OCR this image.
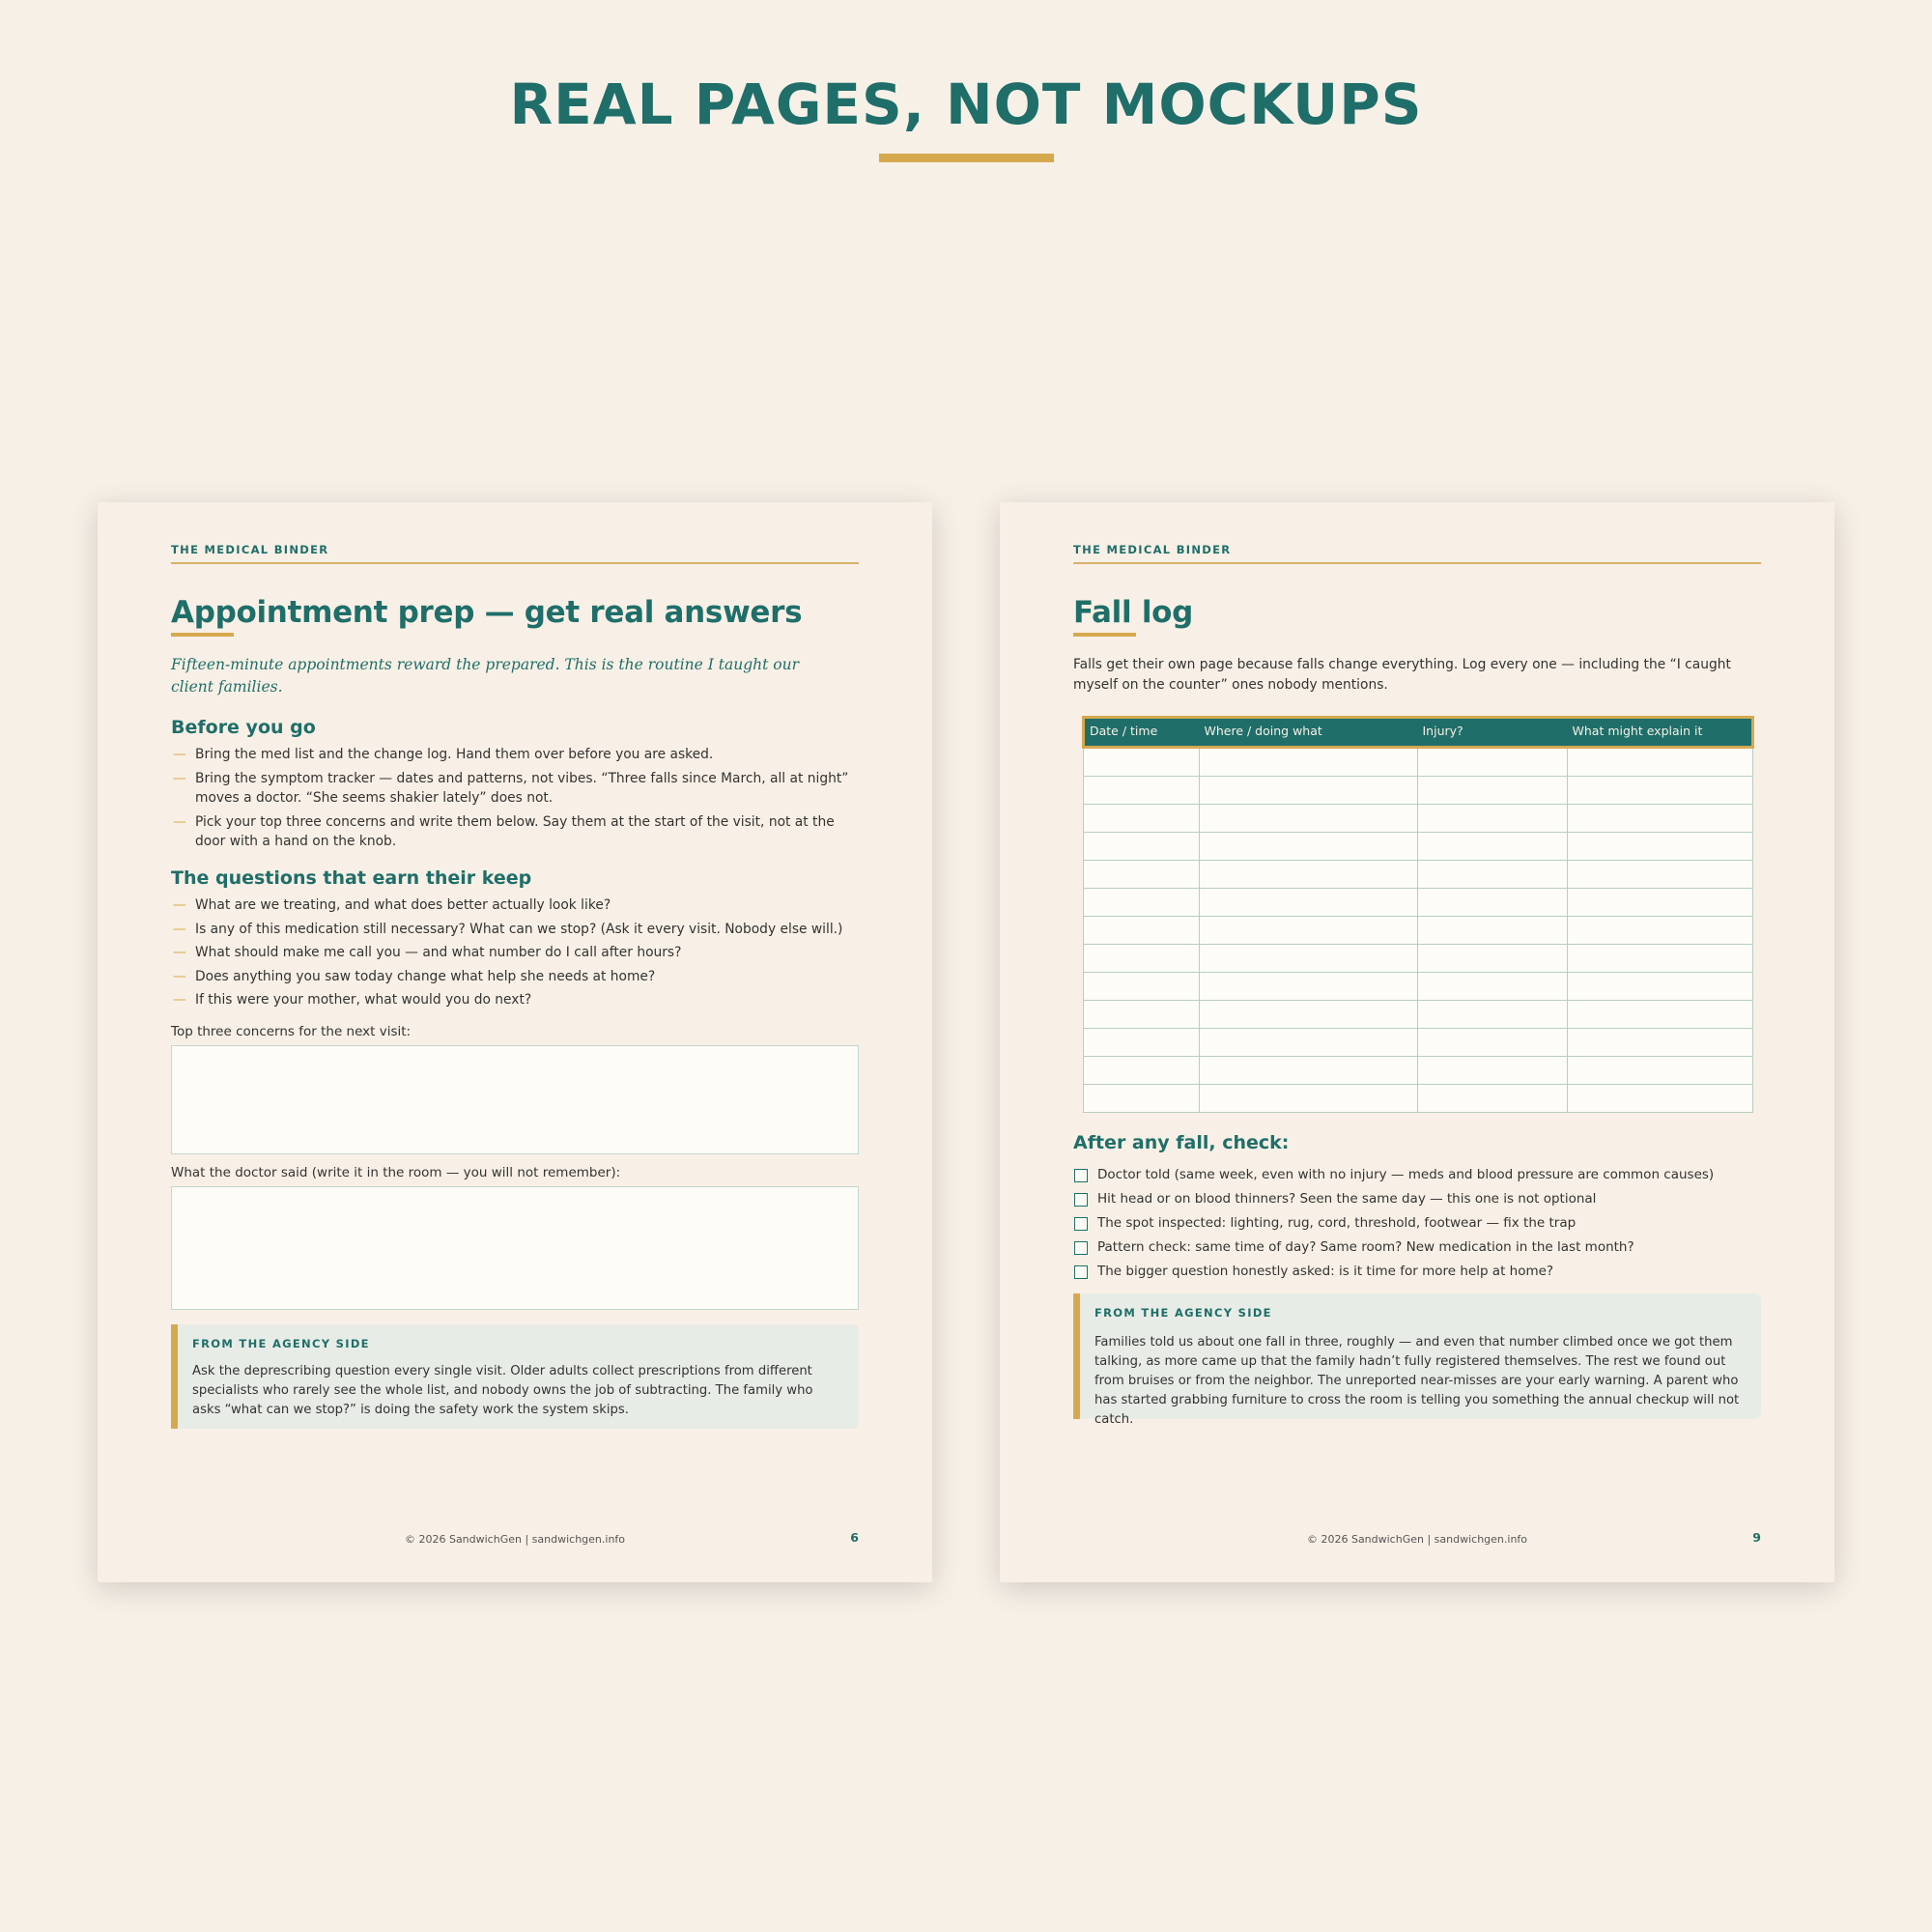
REAL PAGES, NOT MOCKUPS
THE MEDICAL BINDER
Appointment prep — get real answers
Fifteen-minute appointments reward the prepared. This is the routine I taught our client families.
Before you go
— Bring the med list and the change log. Hand them over before you are asked.
— Bring the symptom tracker — dates and patterns, not vibes. “Three falls since March, all at night” moves a doctor. “She seems shakier lately” does not.
— Pick your top three concerns and write them below. Say them at the start of the visit, not at the door with a hand on the knob.
The questions that earn their keep
— What are we treating, and what does better actually look like?
— Is any of this medication still necessary? What can we stop? (Ask it every visit. Nobody else will.)
— What should make me call you — and what number do I call after hours?
— Does anything you saw today change what help she needs at home?
— If this were your mother, what would you do next?
Top three concerns for the next visit:
What the doctor said (write it in the room — you will not remember):
FROM THE AGENCY SIDE
Ask the deprescribing question every single visit. Older adults collect prescriptions from different specialists who rarely see the whole list, and nobody owns the job of subtracting. The family who asks “what can we stop?” is doing the safety work the system skips.
© 2026 SandwichGen | sandwichgen.info	6
THE MEDICAL BINDER
Fall log
Falls get their own page because falls change everything. Log every one — including the “I caught myself on the counter” ones nobody mentions.
Date / time	Where / doing what	Injury?	What might explain it

After any fall, check:
Doctor told (same week, even with no injury — meds and blood pressure are common causes)
Hit head or on blood thinners? Seen the same day — this one is not optional
The spot inspected: lighting, rug, cord, threshold, footwear — fix the trap
Pattern check: same time of day? Same room? New medication in the last month?
The bigger question honestly asked: is it time for more help at home?
FROM THE AGENCY SIDE
Families told us about one fall in three, roughly — and even that number climbed once we got them talking, as more came up that the family hadn’t fully registered themselves. The rest we found out from bruises or from the neighbor. The unreported near-misses are your early warning. A parent who has started grabbing furniture to cross the room is telling you something the annual checkup will not catch.
© 2026 SandwichGen | sandwichgen.info	9
